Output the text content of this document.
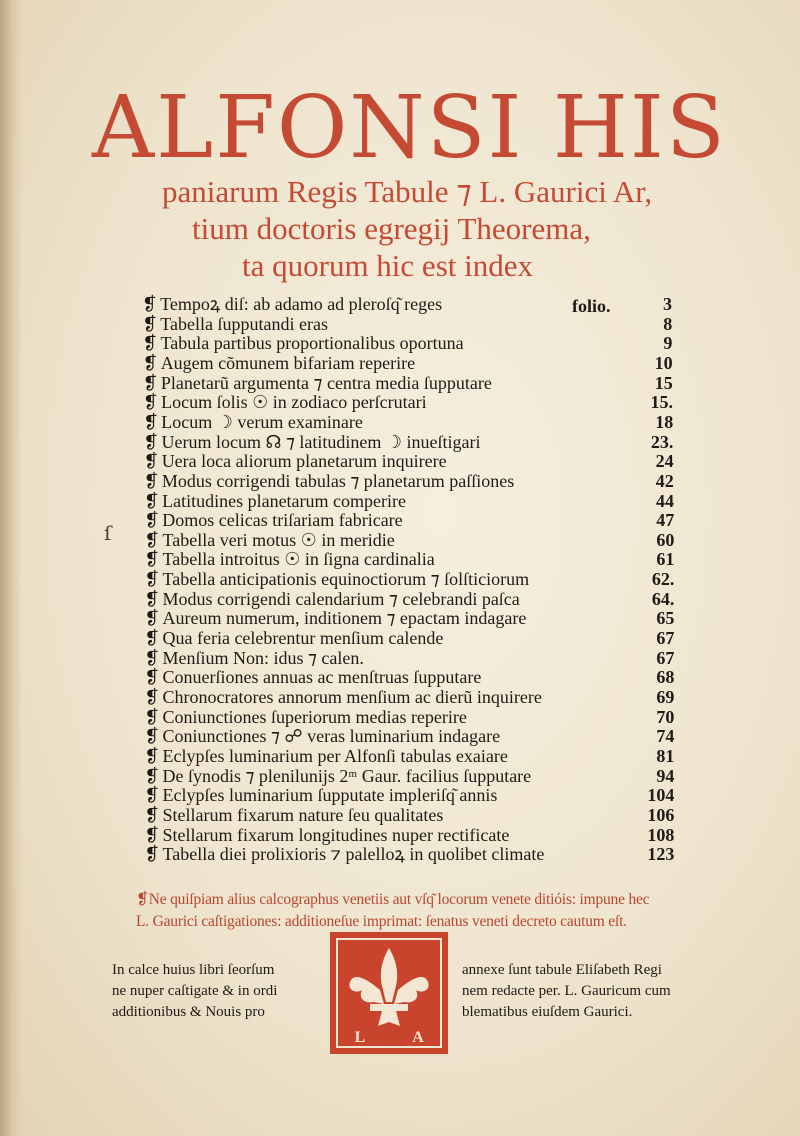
ALFONSI HIS
paniarum Regis Tabule ⁊ L. Gaurici Ar,
tium doctoris egregij Theorema,
ta quorum hic est index
folio.
❡ Tempoꝝ diſ: ab adamo ad pleroſq͂ reges	3
❡ Tabella ſupputandi eras	8
❡ Tabula partibus proportionalibus oportuna	9
❡ Augem cõmunem bifariam reperire	10
❡ Planetarũ argumenta ⁊ centra media ſupputare	15
❡ Locum ſolis ☉ in zodiaco perſcrutari	15.
❡ Locum ☽ verum examinare	18
❡ Uerum locum ☊ ⁊ latitudinem ☽ inueſtigari	23.
❡ Uera loca aliorum planetarum inquirere	24
❡ Modus corrigendi tabulas ⁊ planetarum paſſiones	42
❡ Latitudines planetarum comperire	44
❡ Domos celicas triſariam fabricare	47
❡ Tabella veri motus ☉ in meridie	60
❡ Tabella introitus ☉ in ſigna cardinalia	61
❡ Tabella anticipationis equinoctiorum ⁊ ſolſticiorum	62.
❡ Modus corrigendi calendarium ⁊ celebrandi paſca	64.
❡ Aureum numerum, inditionem ⁊ epactam indagare	65
❡ Qua feria celebrentur menſium calende	67
❡ Menſium Non: idus ⁊ calen.	67
❡ Conuerſiones annuas ac menſtruas ſupputare	68
❡ Chronocratores annorum menſium ac dierũ inquirere	69
❡ Coniunctiones ſuperiorum medias reperire	70
❡ Coniunctiones ⁊ ☍ veras luminarium indagare	74
❡ Eclypſes luminarium per Alfonſi tabulas exaiare	81
❡ De ſynodis ⁊ plenilunijs 2ᵐ Gaur. facilius ſupputare	94
❡ Eclypſes luminarium ſupputate impleriſq͂ annis	104
❡ Stellarum fixarum nature ſeu qualitates	106
❡ Stellarum fixarum longitudines nuper rectificate	108
❡ Tabella diei prolixioris ⁊ palelloꝝ in quolibet climate	123
❡Ne quiſpiam alius calcographus venetiis aut vſq͂ locorum venete ditióis: impune hec
L. Gaurici caſtigationes: additioneſue imprimat: ſenatus veneti decreto cautum eſt.
In calce huius libri ſeorſum
ne nuper caſtigate & in ordi
additionibus & Nouis pro
annexe ſunt tabule Eliſabeth Regi
nem redacte per. L. Gauricum cum
blematibus eiuſdem Gaurici.
L	A
ſ
